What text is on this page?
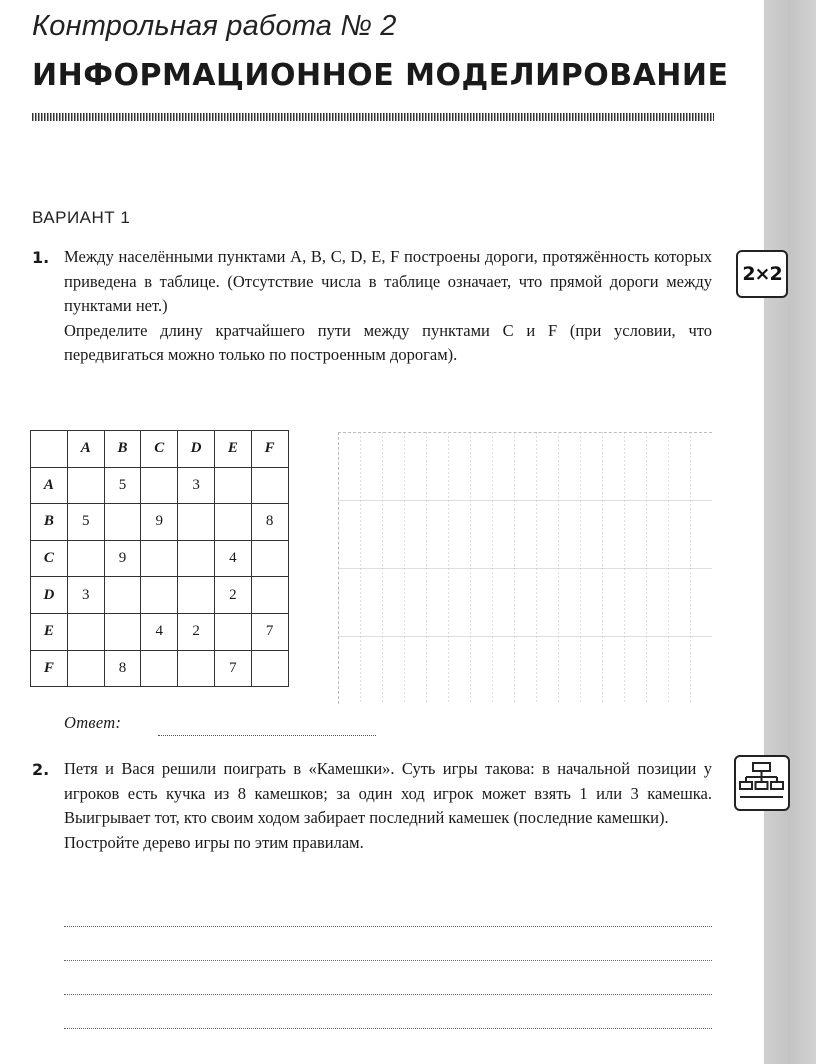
Контрольная работа № 2
ИНФОРМАЦИОННОЕ МОДЕЛИРОВАНИЕ
ВАРИАНТ 1
1. Между населёнными пунктами A, B, C, D, E, F построены дороги, протяжённость которых приведена в таблице. (Отсутствие числа в таблице означает, что прямой дороги между пунктами нет.)

Определите длину кратчайшего пути между пунктами C и F (при условии, что передвигаться можно только по построенным дорогам).

2×2
	A	B	C	D	E	F
A		5		3		
B	5		9			8
C		9			4	
D	3				2	
E			4	2		7
F		8			7	
Ответ:
2. Петя и Вася решили поиграть в «Камешки». Суть игры такова: в начальной позиции у игроков есть кучка из 8 камешков; за один ход игрок может взять 1 или 3 камешка. Выигрывает тот, кто своим ходом забирает последний камешек (последние камешки).

Постройте дерево игры по этим правилам.
